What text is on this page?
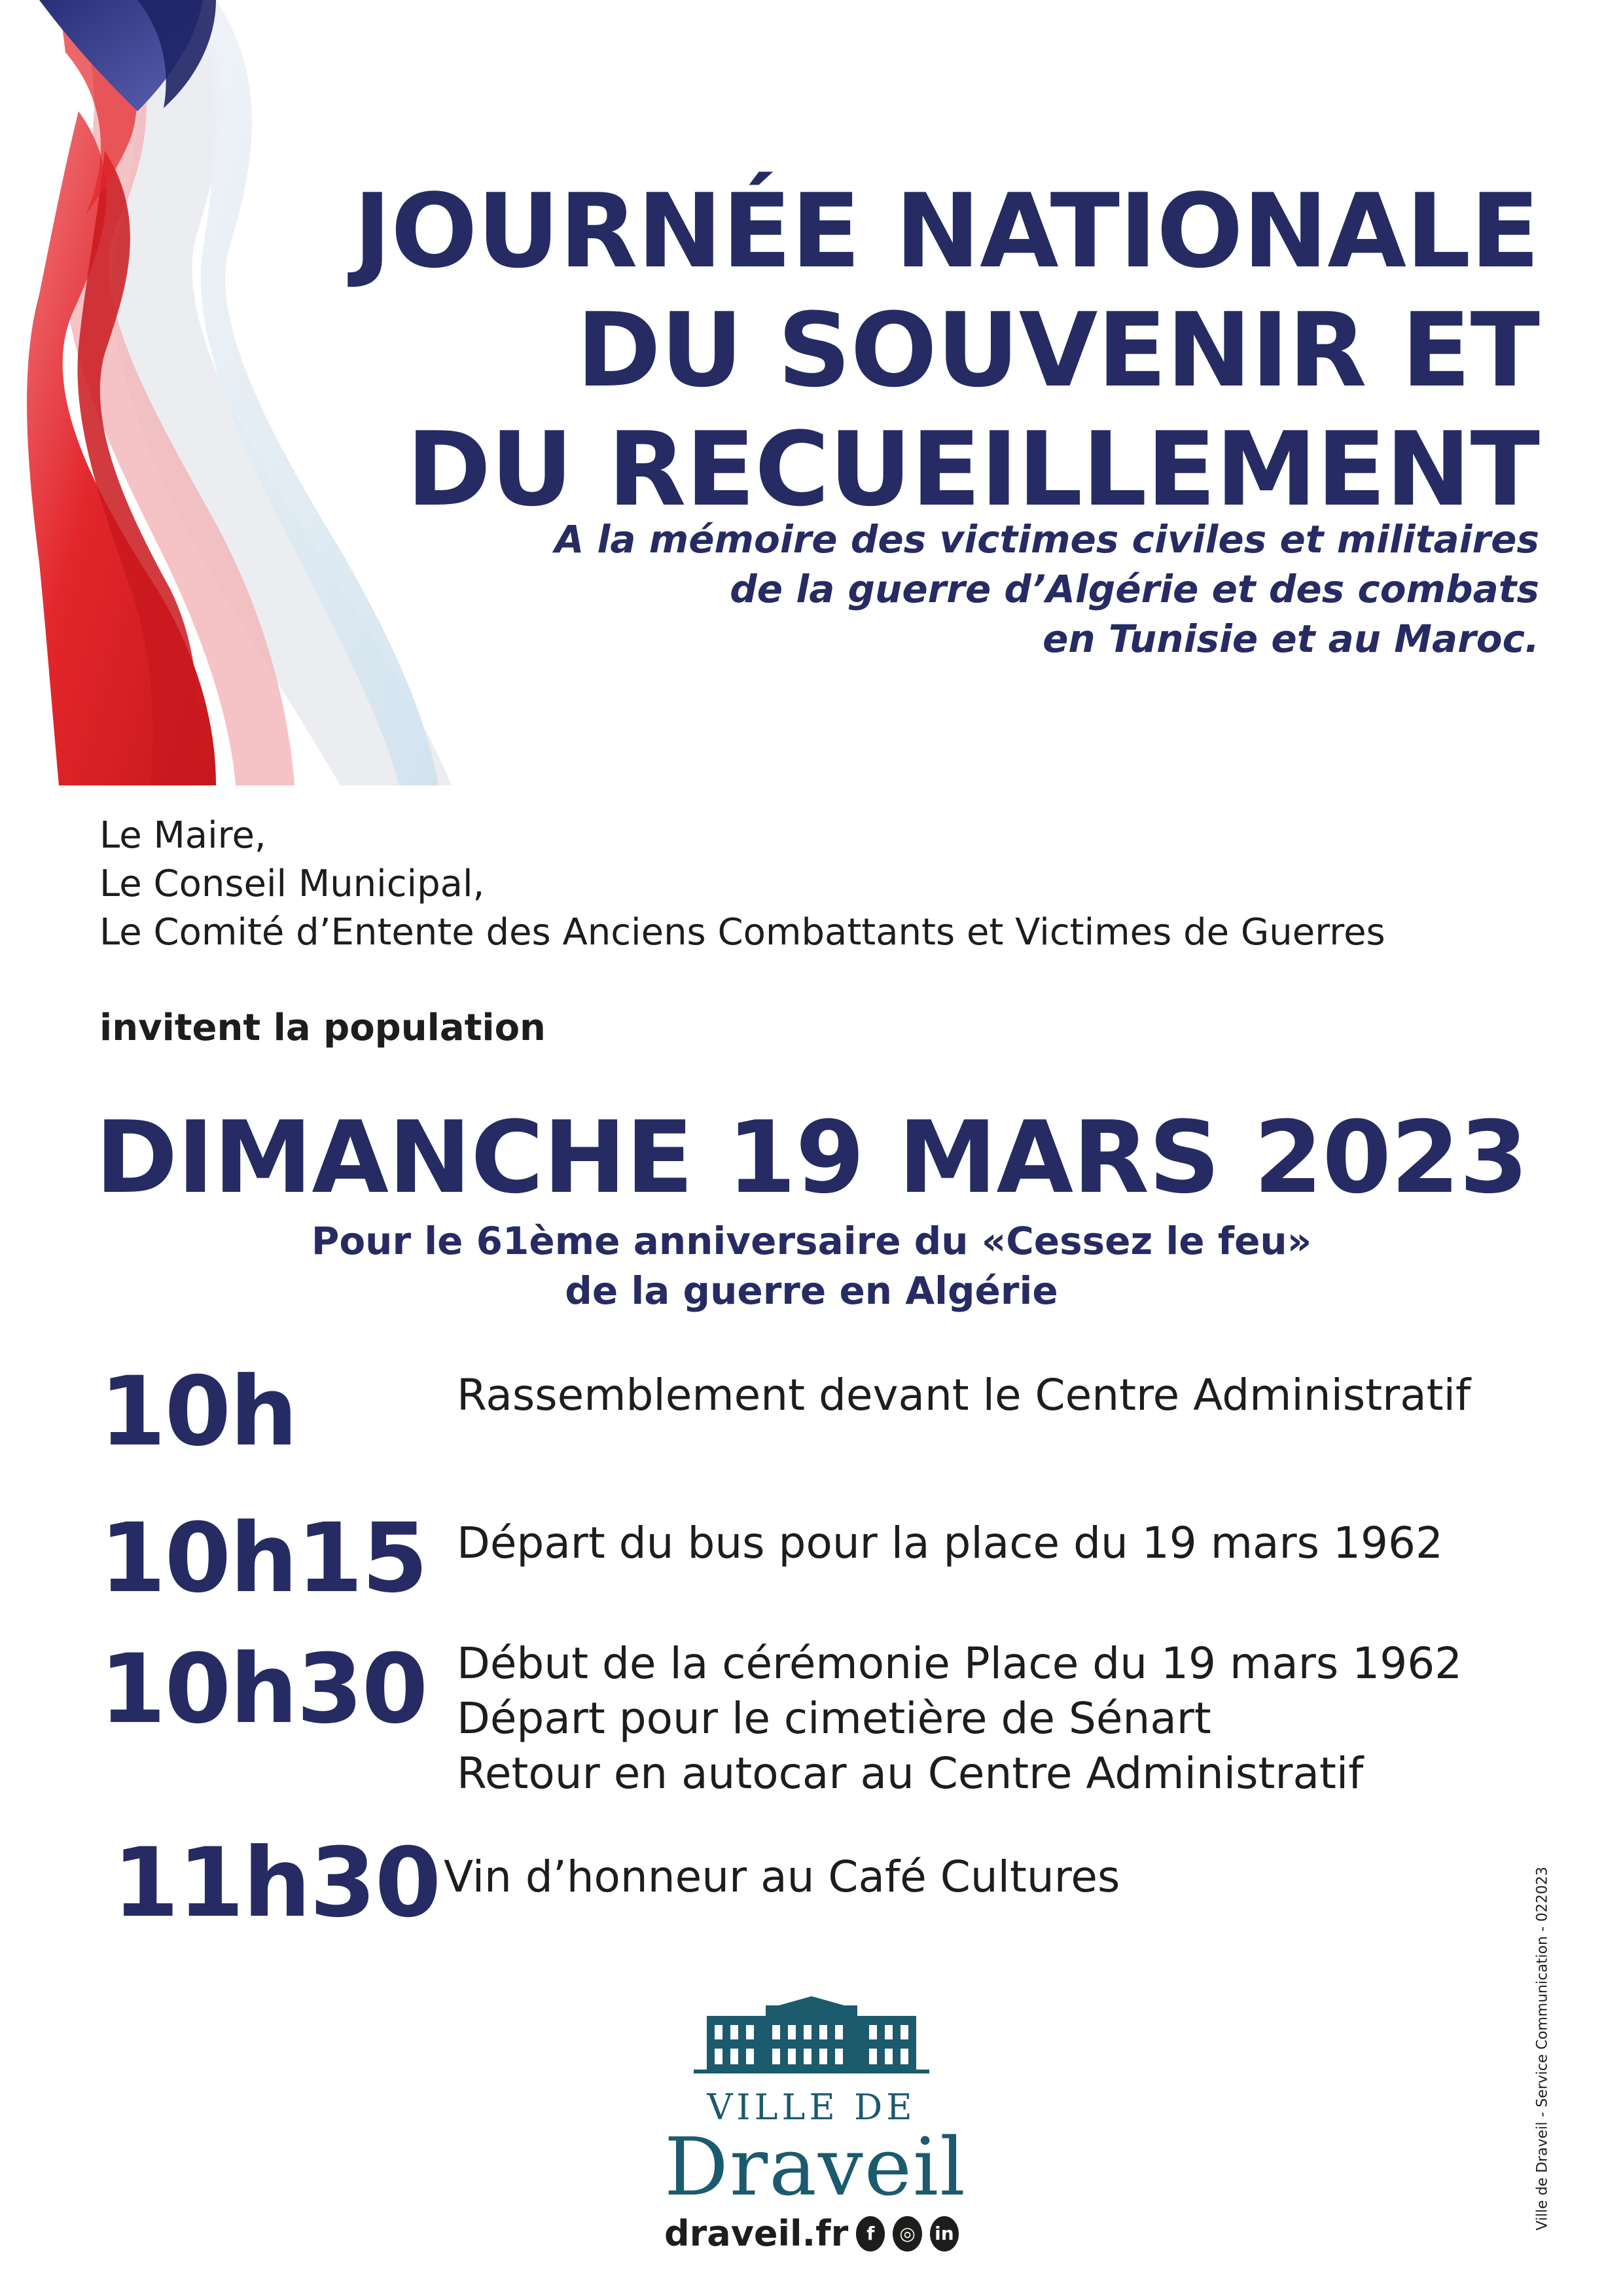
JOURNÉE NATIONALE
DU SOUVENIR ET
DU RECUEILLEMENT
A la mémoire des victimes civiles et militaires
de la guerre d’Algérie et des combats
en Tunisie et au Maroc.
Le Maire,
Le Conseil Municipal,
Le Comité d’Entente des Anciens Combattants et Victimes de Guerres
invitent la population
DIMANCHE 19 MARS 2023
Pour le 61ème anniversaire du «Cessez le feu»
de la guerre en Algérie
10h	Rassemblement devant le Centre Administratif
10h15 Départ du bus pour la place du 19 mars 1962
10h30 Début de la cérémonie Place du 19 mars 1962
Départ pour le cimetière de Sénart
Retour en autocar au Centre Administratif
11h30 Vin d’honneur au Café Cultures	Ville de Draveil - Service Communication - 022023
VILLE DE
Draveil
draveil.fr	f	◎	in
